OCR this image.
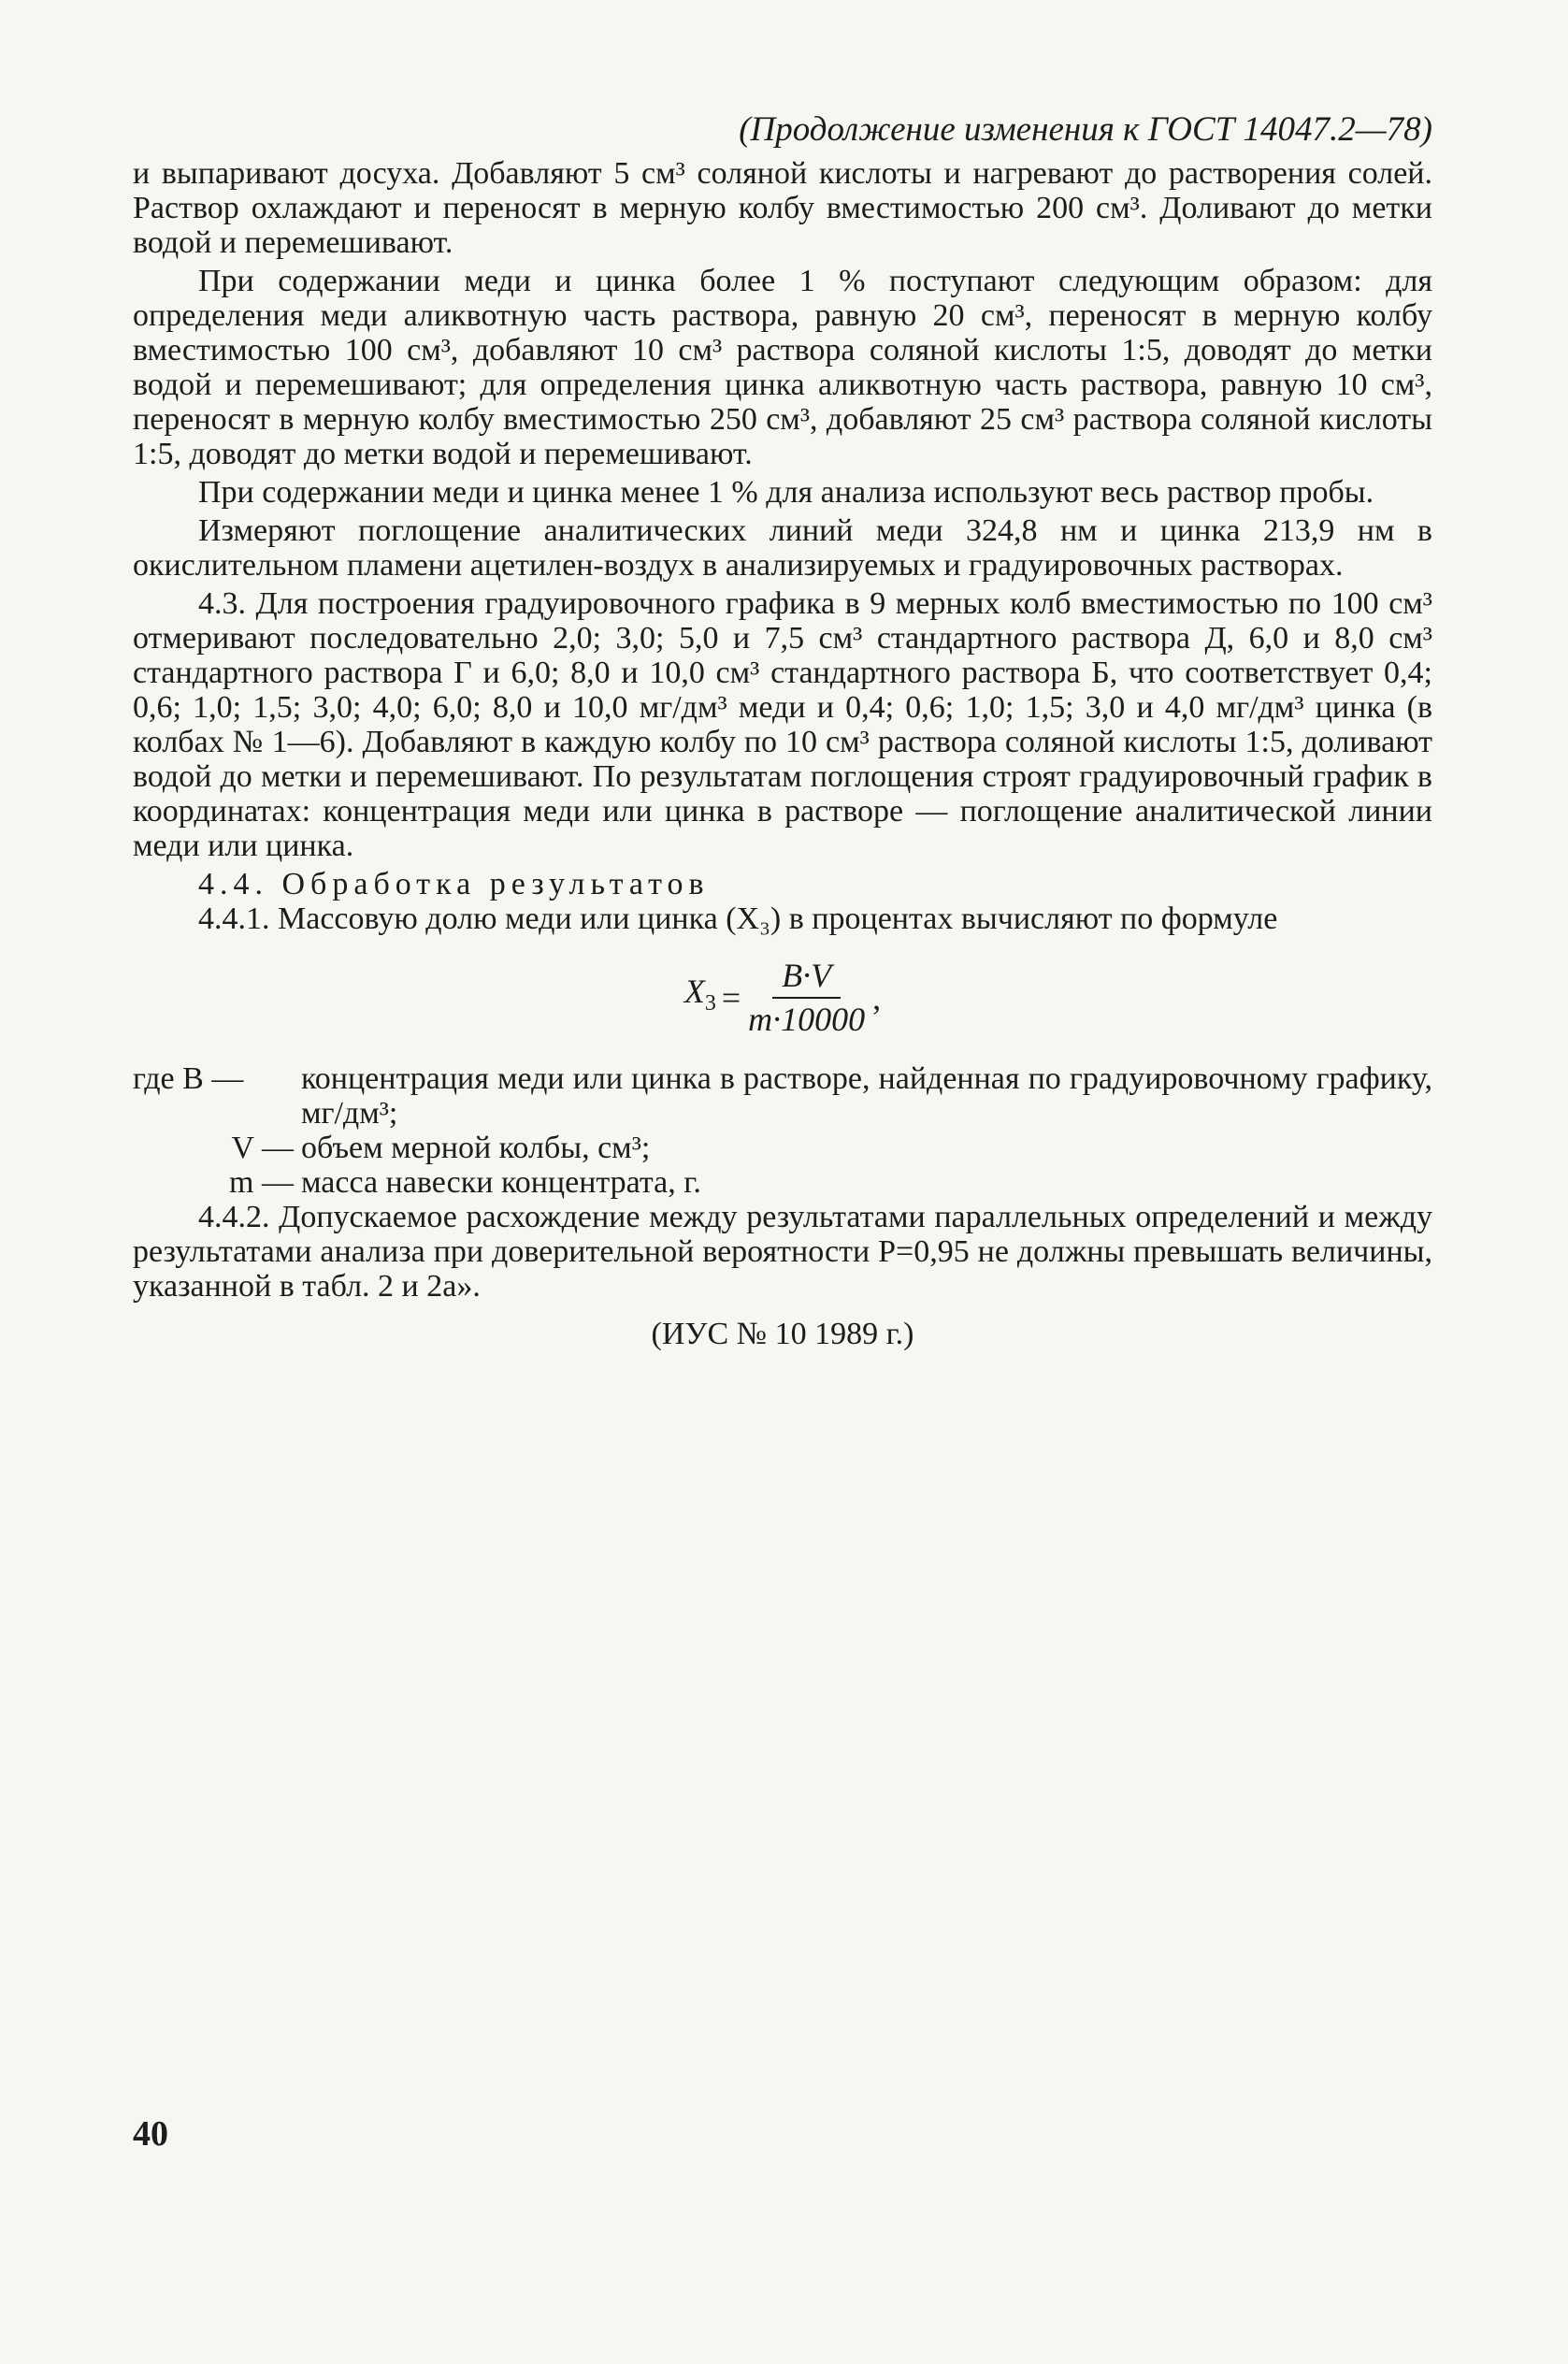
(Продолжение изменения к ГОСТ 14047.2—78)

и выпаривают досуха. Добавляют 5 см³ соляной кислоты и нагревают до растворения солей. Раствор охлаждают и переносят в мерную колбу вместимостью 200 см³. Доливают до метки водой и перемешивают.

При содержании меди и цинка более 1 % поступают следующим образом: для определения меди аликвотную часть раствора, равную 20 см³, переносят в мерную колбу вместимостью 100 см³, добавляют 10 см³ раствора соляной кислоты 1:5, доводят до метки водой и перемешивают; для определения цинка аликвотную часть раствора, равную 10 см³, переносят в мерную колбу вместимостью 250 см³, добавляют 25 см³ раствора соляной кислоты 1:5, доводят до метки водой и перемешивают.

При содержании меди и цинка менее 1 % для анализа используют весь раствор пробы.

Измеряют поглощение аналитических линий меди 324,8 нм и цинка 213,9 нм в окислительном пламени ацетилен-воздух в анализируемых и градуировочных растворах.

4.3. Для построения градуировочного графика в 9 мерных колб вместимостью по 100 см³ отмеривают последовательно 2,0; 3,0; 5,0 и 7,5 см³ стандартного раствора Д, 6,0 и 8,0 см³ стандартного раствора Г и 6,0; 8,0 и 10,0 см³ стандартного раствора Б, что соответствует 0,4; 0,6; 1,0; 1,5; 3,0; 4,0; 6,0; 8,0 и 10,0 мг/дм³ меди и 0,4; 0,6; 1,0; 1,5; 3,0 и 4,0 мг/дм³ цинка (в колбах № 1—6). Добавляют в каждую колбу по 10 см³ раствора соляной кислоты 1:5, доливают водой до метки и перемешивают. По результатам поглощения строят градуировочный график в координатах: концентрация меди или цинка в растворе — поглощение аналитической линии меди или цинка.

4.4. Обработка результатов

4.4.1. Массовую долю меди или цинка (X₃) в процентах вычисляют по формуле

$X_3 = \frac{B\cdot V}{m\cdot 10000}$ ,
где B —	концентрация меди или цинка в растворе, найденная по градуировочному графику, мг/дм³;
V — объем мерной колбы, см³;
m — масса навески концентрата, г.

4.4.2. Допускаемое расхождение между результатами параллельных определений и между результатами анализа при доверительной вероятности P=0,95 не должны превышать величины, указанной в табл. 2 и 2а».

(ИУС № 10 1989 г.)
40
